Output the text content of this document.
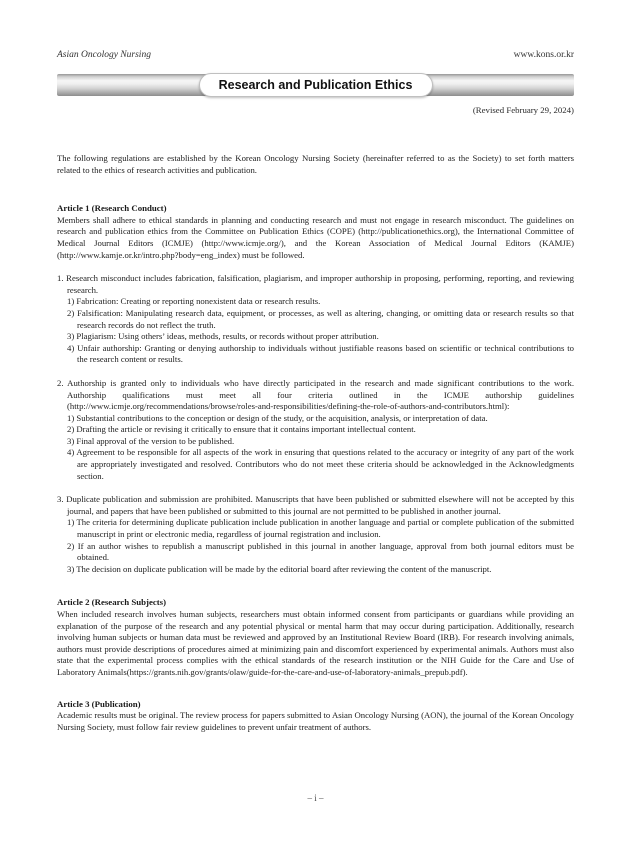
Asian Oncology Nursing	www.kons.or.kr
Research and Publication Ethics
(Revised February 29, 2024)

The following regulations are established by the Korean Oncology Nursing Society (hereinafter referred to as the Society) to set forth matters related to the ethics of research activities and publication.

Article 1 (Research Conduct)

Members shall adhere to ethical standards in planning and conducting research and must not engage in research misconduct. The guidelines on research and publication ethics from the Committee on Publication Ethics (COPE) (http://publicationethics.org), the International Committee of Medical Journal Editors (ICMJE) (http://www.icmje.org/), and the Korean Association of Medical Journal Editors (KAMJE) (http://www.kamje.or.kr/intro.php?body=eng_index) must be followed.

1. Research misconduct includes fabrication, falsification, plagiarism, and improper authorship in proposing, performing, reporting, and reviewing research.

1) Fabrication: Creating or reporting nonexistent data or research results.

2) Falsification: Manipulating research data, equipment, or processes, as well as altering, changing, or omitting data or research results so that research records do not reflect the truth.

3) Plagiarism: Using others’ ideas, methods, results, or records without proper attribution.

4) Unfair authorship: Granting or denying authorship to individuals without justifiable reasons based on scientific or technical contributions to the research content or results.

2. Authorship is granted only to individuals who have directly participated in the research and made significant contributions to the work. Authorship qualifications must meet all four criteria outlined in the ICMJE authorship guidelines (http://www.icmje.org/recommendations/browse/roles-and-responsibilities/defining-the-role-of-authors-and-contributors.html):

1) Substantial contributions to the conception or design of the study, or the acquisition, analysis, or interpretation of data.

2) Drafting the article or revising it critically to ensure that it contains important intellectual content.

3) Final approval of the version to be published.

4) Agreement to be responsible for all aspects of the work in ensuring that questions related to the accuracy or integrity of any part of the work are appropriately investigated and resolved. Contributors who do not meet these criteria should be acknowledged in the Acknowledgments section.

3. Duplicate publication and submission are prohibited. Manuscripts that have been published or submitted elsewhere will not be accepted by this journal, and papers that have been published or submitted to this journal are not permitted to be published in another journal.

1) The criteria for determining duplicate publication include publication in another language and partial or complete publication of the submitted manuscript in print or electronic media, regardless of journal registration and inclusion.

2) If an author wishes to republish a manuscript published in this journal in another language, approval from both journal editors must be obtained.

3) The decision on duplicate publication will be made by the editorial board after reviewing the content of the manuscript.

Article 2 (Research Subjects)

When included research involves human subjects, researchers must obtain informed consent from participants or guardians while providing an explanation of the purpose of the research and any potential physical or mental harm that may occur during participation. Additionally, research involving human subjects or human data must be reviewed and approved by an Institutional Review Board (IRB). For research involving animals, authors must provide descriptions of procedures aimed at minimizing pain and discomfort experienced by experimental animals. Authors must also state that the experimental process complies with the ethical standards of the research institution or the NIH Guide for the Care and Use of Laboratory Animals(https://grants.nih.gov/grants/olaw/guide-for-the-care-and-use-of-laboratory-animals_prepub.pdf).

Article 3 (Publication)

Academic results must be original. The review process for papers submitted to Asian Oncology Nursing (AON), the journal of the Korean Oncology Nursing Society, must follow fair review guidelines to prevent unfair treatment of authors.

– i –
